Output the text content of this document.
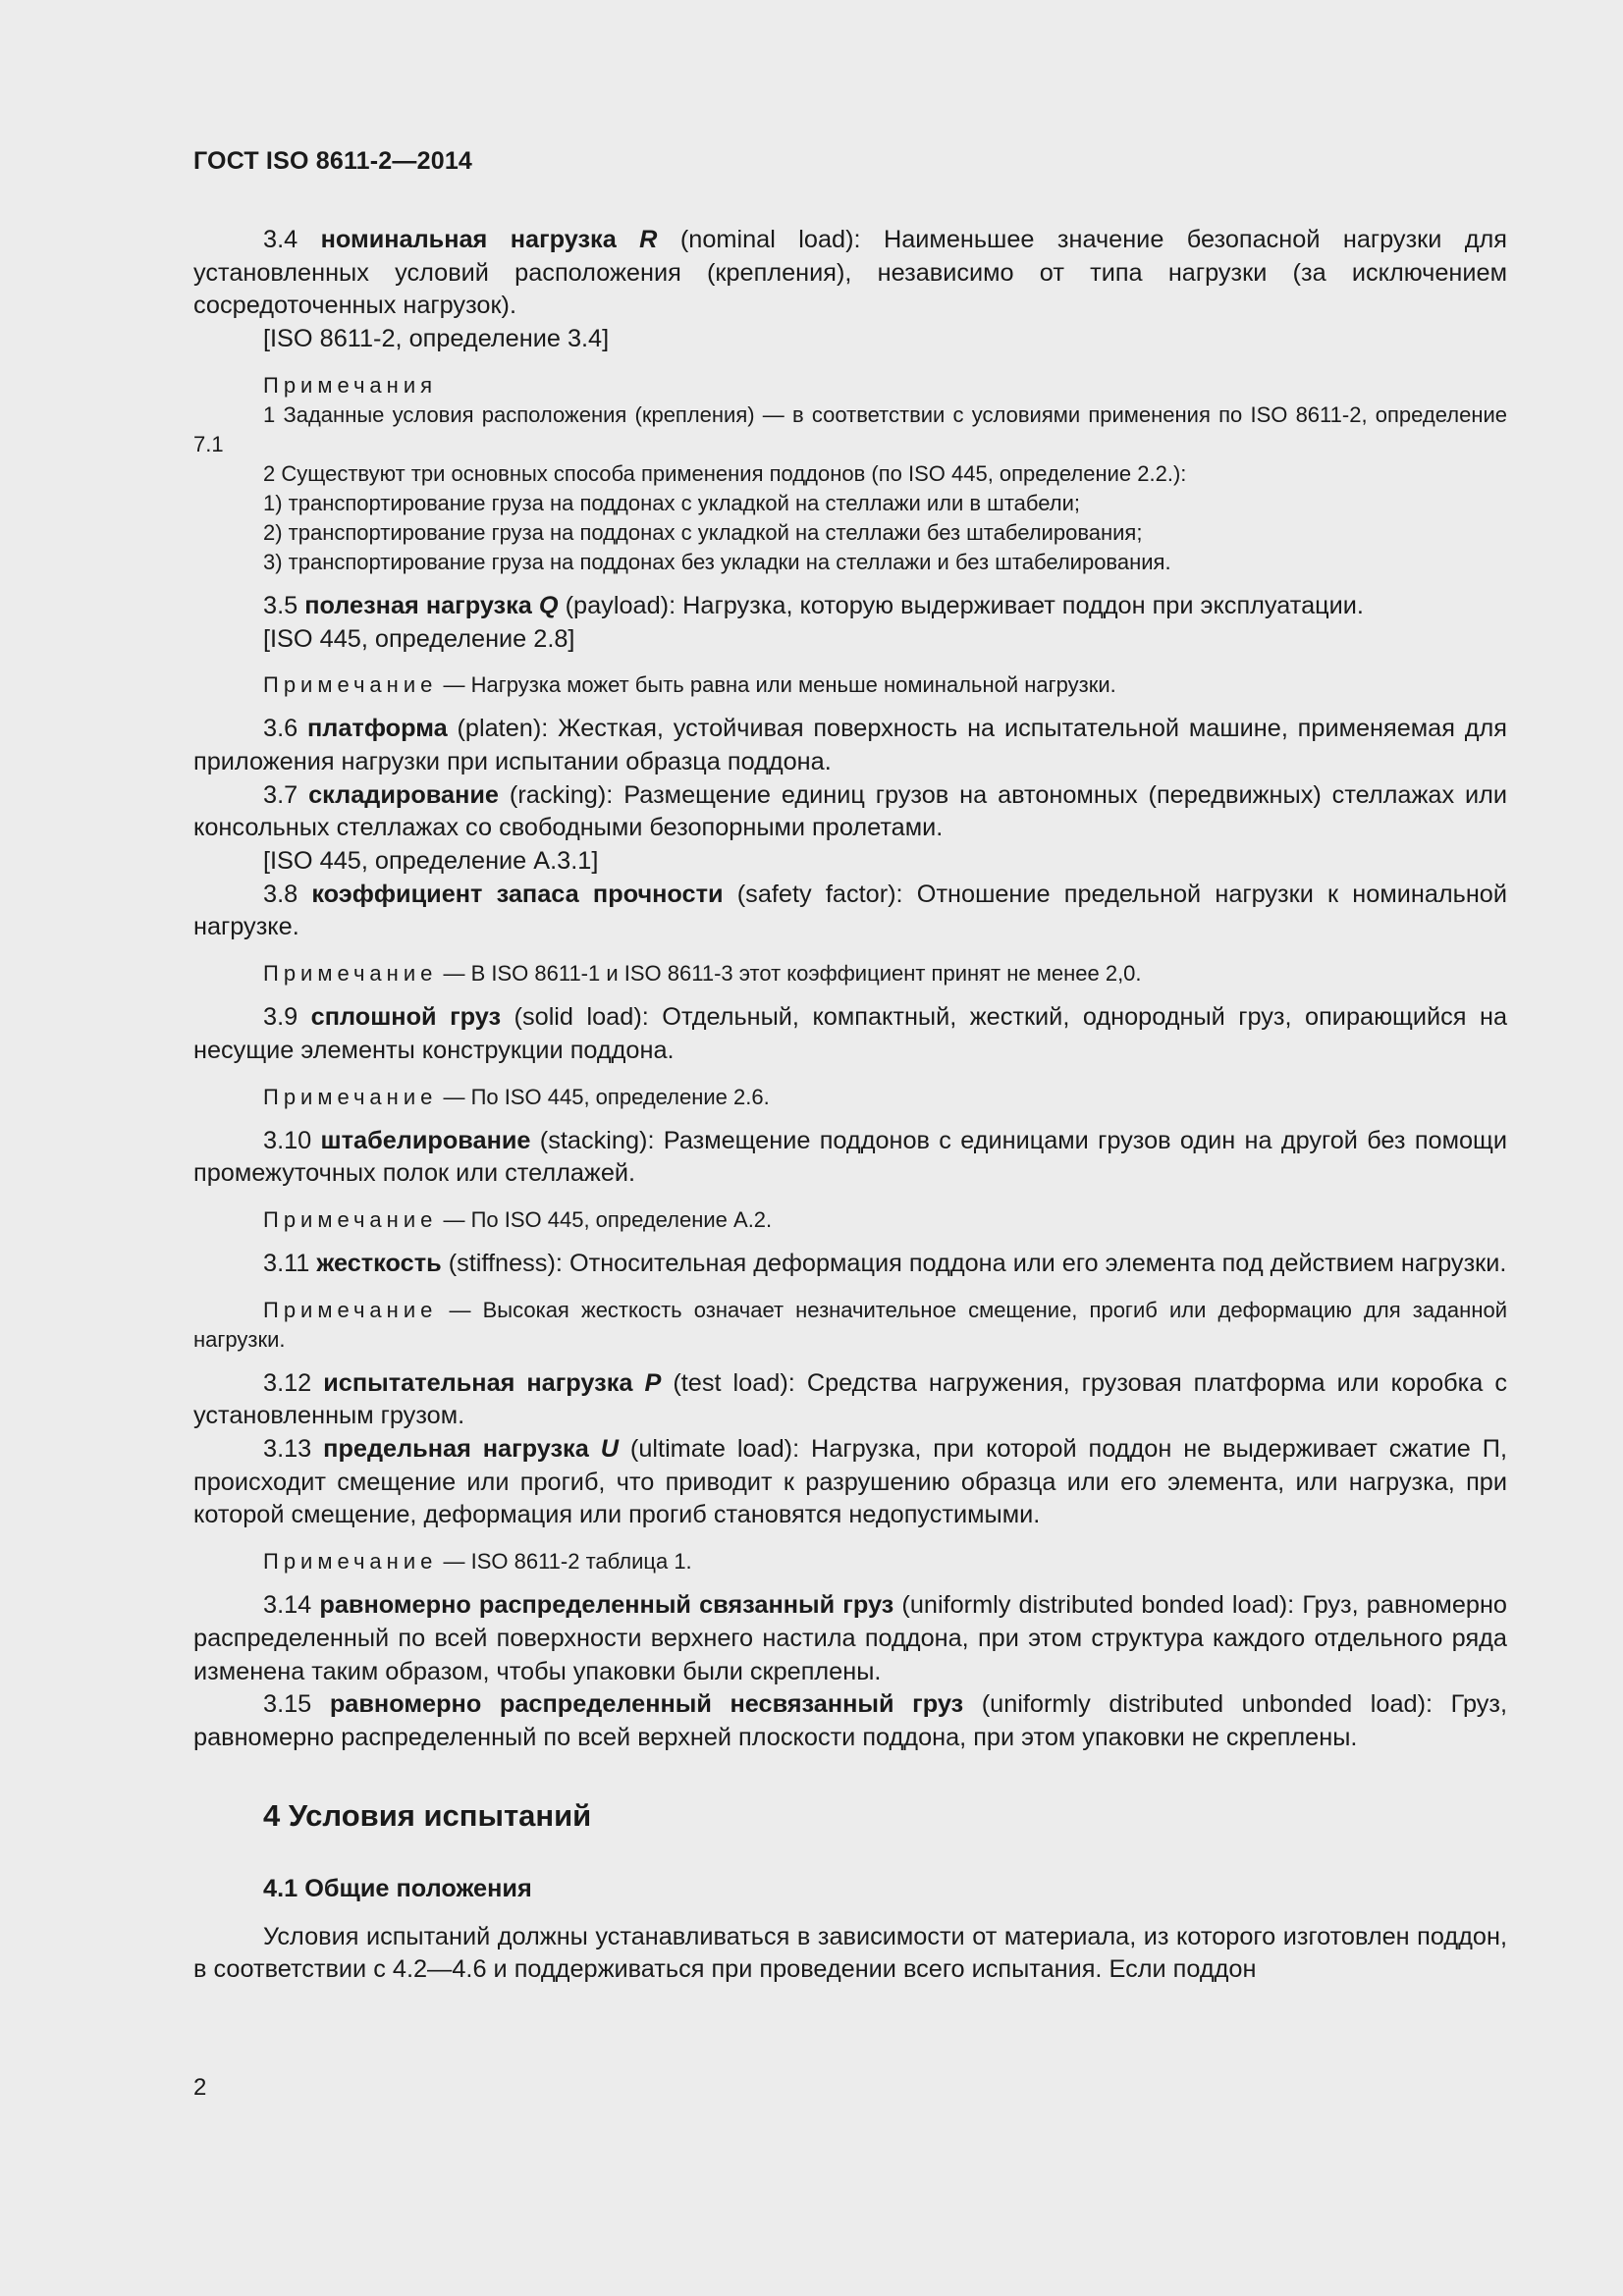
ГОСТ ISO 8611-2—2014

3.4 номинальная нагрузка R (nominal load): Наименьшее значение безопасной нагрузки для установленных условий расположения (крепления), независимо от типа нагрузки (за исключением сосредоточенных нагрузок).

[ISO 8611-2, определение 3.4]

Примечания

1 Заданные условия расположения (крепления) — в соответствии с условиями применения по ISO 8611-2, определение 7.1

2 Существуют три основных способа применения поддонов (по ISO 445, определение 2.2.):

1) транспортирование груза на поддонах с укладкой на стеллажи или в штабели;
2) транспортирование груза на поддонах с укладкой на стеллажи без штабелирования;
3) транспортирование груза на поддонах без укладки на стеллажи и без штабелирования.

3.5 полезная нагрузка Q (payload): Нагрузка, которую выдерживает поддон при эксплуатации.

[ISO 445, определение 2.8]

Примечание — Нагрузка может быть равна или меньше номинальной нагрузки.

3.6 платформа (platen): Жесткая, устойчивая поверхность на испытательной машине, применяемая для приложения нагрузки при испытании образца поддона.

3.7 складирование (racking): Размещение единиц грузов на автономных (передвижных) стеллажах или консольных стеллажах со свободными безопорными пролетами.

[ISO 445, определение А.3.1]

3.8 коэффициент запаса прочности (safety factor): Отношение предельной нагрузки к номинальной нагрузке.

Примечание — В ISO 8611-1 и ISO 8611-3 этот коэффициент принят не менее 2,0.

3.9 сплошной груз (solid load): Отдельный, компактный, жесткий, однородный груз, опирающийся на несущие элементы конструкции поддона.

Примечание — По ISO 445, определение 2.6.

3.10 штабелирование (stacking): Размещение поддонов с единицами грузов один на другой без помощи промежуточных полок или стеллажей.

Примечание — По ISO 445, определение А.2.

3.11 жесткость (stiffness): Относительная деформация поддона или его элемента под действием нагрузки.

Примечание — Высокая жесткость означает незначительное смещение, прогиб или деформацию для заданной нагрузки.

3.12 испытательная нагрузка P (test load): Средства нагружения, грузовая платформа или коробка с установленным грузом.

3.13 предельная нагрузка U (ultimate load): Нагрузка, при которой поддон не выдерживает сжатие П, происходит смещение или прогиб, что приводит к разрушению образца или его элемента, или нагрузка, при которой смещение, деформация или прогиб становятся недопустимыми.

Примечание — ISO 8611-2 таблица 1.

3.14 равномерно распределенный связанный груз (uniformly distributed bonded load): Груз, равномерно распределенный по всей поверхности верхнего настила поддона, при этом структура каждого отдельного ряда изменена таким образом, чтобы упаковки были скреплены.

3.15 равномерно распределенный несвязанный груз (uniformly distributed unbonded load): Груз, равномерно распределенный по всей верхней плоскости поддона, при этом упаковки не скреплены.

4 Условия испытаний
4.1 Общие положения

Условия испытаний должны устанавливаться в зависимости от материала, из которого изготовлен поддон, в соответствии с 4.2—4.6 и поддерживаться при проведении всего испытания. Если поддон

2
